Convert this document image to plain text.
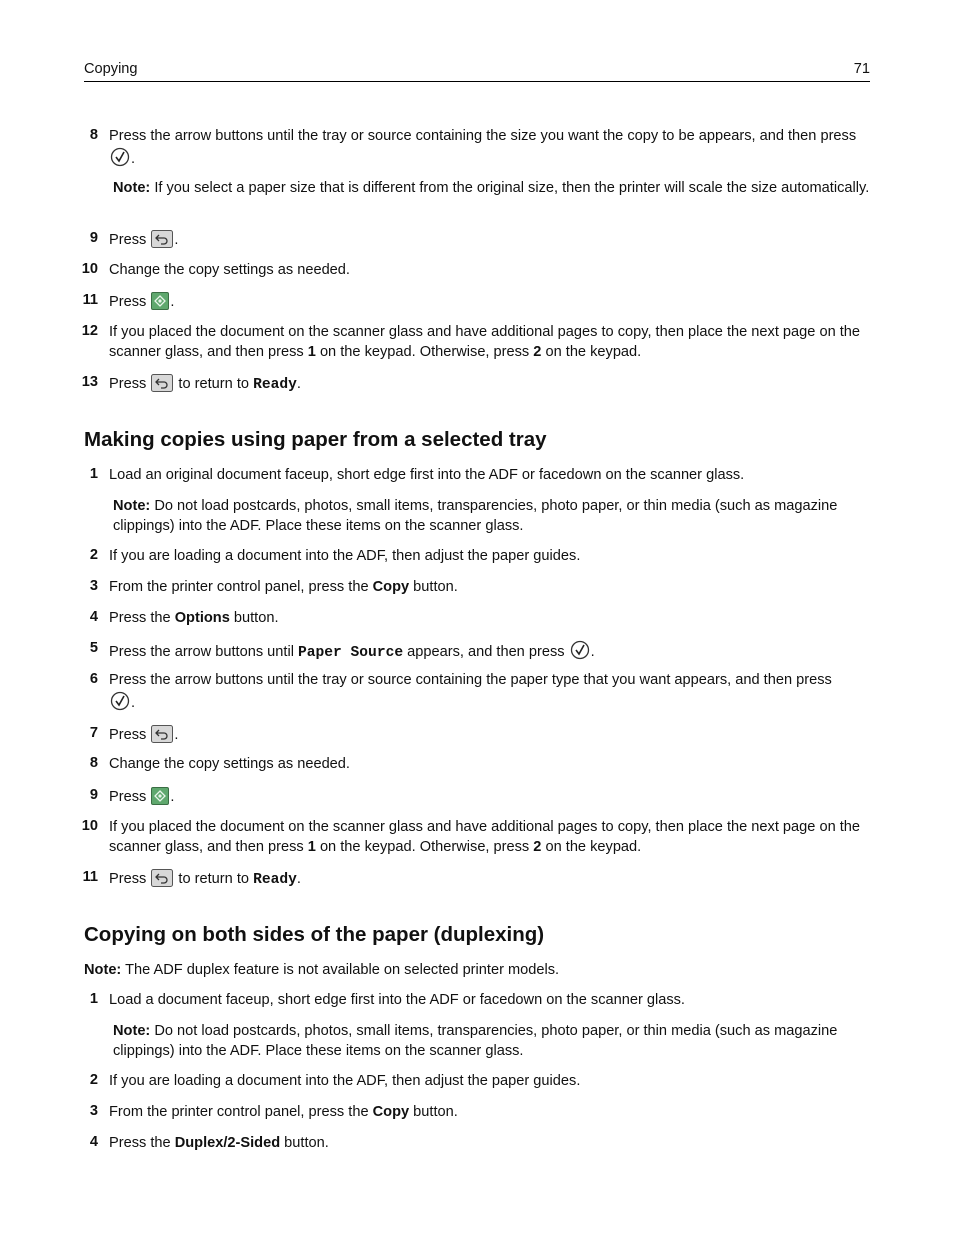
Copying	71
8 Press the arrow buttons until the tray or source containing the size you want the copy to be appears, and then press

.
Note: If you select a paper size that is different from the original size, then the printer will scale the size automatically.
9 Press .
10 Change the copy settings as needed.
11 Press .
12 If you placed the document on the scanner glass and have additional pages to copy, then place the next page on the scanner glass, and then press 1 on the keypad. Otherwise, press 2 on the keypad.
13 Press
to return to Ready.
Making copies using paper from a selected tray
1 Load an original document faceup, short edge first into the ADF or facedown on the scanner glass.
Note: Do not load postcards, photos, small items, transparencies, photo paper, or thin media (such as magazine clippings) into the ADF. Place these items on the scanner glass.
2 If you are loading a document into the ADF, then adjust the paper guides.
3 From the printer control panel, press the Copy button.
4 Press the Options button.
5 Press the arrow buttons until Paper Source appears, and then press .
6 Press the arrow buttons until the tray or source containing the paper type that you want appears, and then press

.
7 Press .
8 Change the copy settings as needed.
9 Press .
10 If you placed the document on the scanner glass and have additional pages to copy, then place the next page on the scanner glass, and then press 1 on the keypad. Otherwise, press 2 on the keypad.
11 Press
to return to Ready.
Copying on both sides of the paper (duplexing)
Note: The ADF duplex feature is not available on selected printer models.
1 Load a document faceup, short edge first into the ADF or facedown on the scanner glass.
Note: Do not load postcards, photos, small items, transparencies, photo paper, or thin media (such as magazine clippings) into the ADF. Place these items on the scanner glass.
2 If you are loading a document into the ADF, then adjust the paper guides.
3 From the printer control panel, press the Copy button.
4 Press the Duplex/2-Sided button.
